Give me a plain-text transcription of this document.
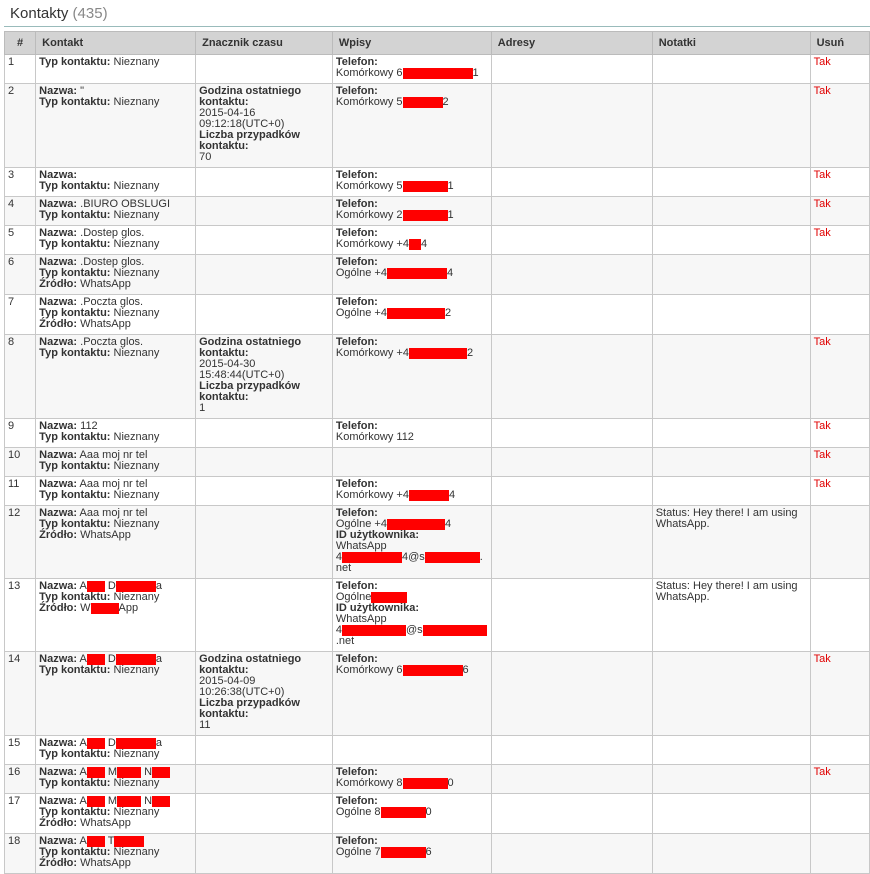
Kontakty (435)
#	Kontakt	Znacznik czasu	Wpisy	Adresy	Notatki	Usuń
1	Typ kontaktu: Nieznany		Telefon:
Komórkowy 6 1			Tak
2	Nazwa: "
Typ kontaktu: Nieznany	Godzina ostatniego kontaktu:
2015-04-16 09:12:18(UTC+0)
Liczba przypadków kontaktu:
70	Telefon:
Komórkowy 5 2			Tak
3	Nazwa:
Typ kontaktu: Nieznany		Telefon:
Komórkowy 5 1			Tak
4	Nazwa: .BIURO OBSLUGI
Typ kontaktu: Nieznany		Telefon:
Komórkowy 2 1			Tak
5	Nazwa: .Dostep glos.
Typ kontaktu: Nieznany		Telefon:
Komórkowy +4 4			Tak
6	Nazwa: .Dostep glos.
Typ kontaktu: Nieznany
Źródło: WhatsApp		Telefon:
Ogólne +4 4			

7	Nazwa: .Poczta glos.
Typ kontaktu: Nieznany
Źródło: WhatsApp		Telefon:
Ogólne +4 2			

8	Nazwa: .Poczta glos.
Typ kontaktu: Nieznany	Godzina ostatniego kontaktu:
2015-04-30 15:48:44(UTC+0)
Liczba przypadków kontaktu:
1	Telefon:
Komórkowy +4 2			Tak
9	Nazwa: 112
Typ kontaktu: Nieznany		Telefon:
Komórkowy 112			Tak
10	Nazwa: Aaa moj nr tel
Typ kontaktu: Nieznany					Tak
11	Nazwa: Aaa moj nr tel
Typ kontaktu: Nieznany		Telefon:
Komórkowy +4 4			Tak
12	Nazwa: Aaa moj nr tel
Typ kontaktu: Nieznany
Źródło: WhatsApp		Telefon:
Ogólne +4 4
ID użytkownika:
WhatsApp
4 4@s .net		Status: Hey there! I am using WhatsApp.	
13	Nazwa: A D a
Typ kontaktu: Nieznany
Źródło: W App		Telefon:
Ogólne
ID użytkownika:
WhatsApp
4 @s.net		Status: Hey there! I am using WhatsApp.	
14	Nazwa: A D a
Typ kontaktu: Nieznany	Godzina ostatniego kontaktu:
2015-04-09 10:26:38(UTC+0)
Liczba przypadków kontaktu:
11	Telefon:
Komórkowy 6 6			Tak
15	Nazwa: A D a
Typ kontaktu: Nieznany					

16	Nazwa: A M N
Typ kontaktu: Nieznany		Telefon:
Komórkowy 8 0			Tak
17	Nazwa: A M N
Typ kontaktu: Nieznany
Źródło: WhatsApp		Telefon:
Ogólne 8 0			

18	Nazwa: A T
Typ kontaktu: Nieznany
Źródło: WhatsApp		Telefon:
Ogólne 7 6			
